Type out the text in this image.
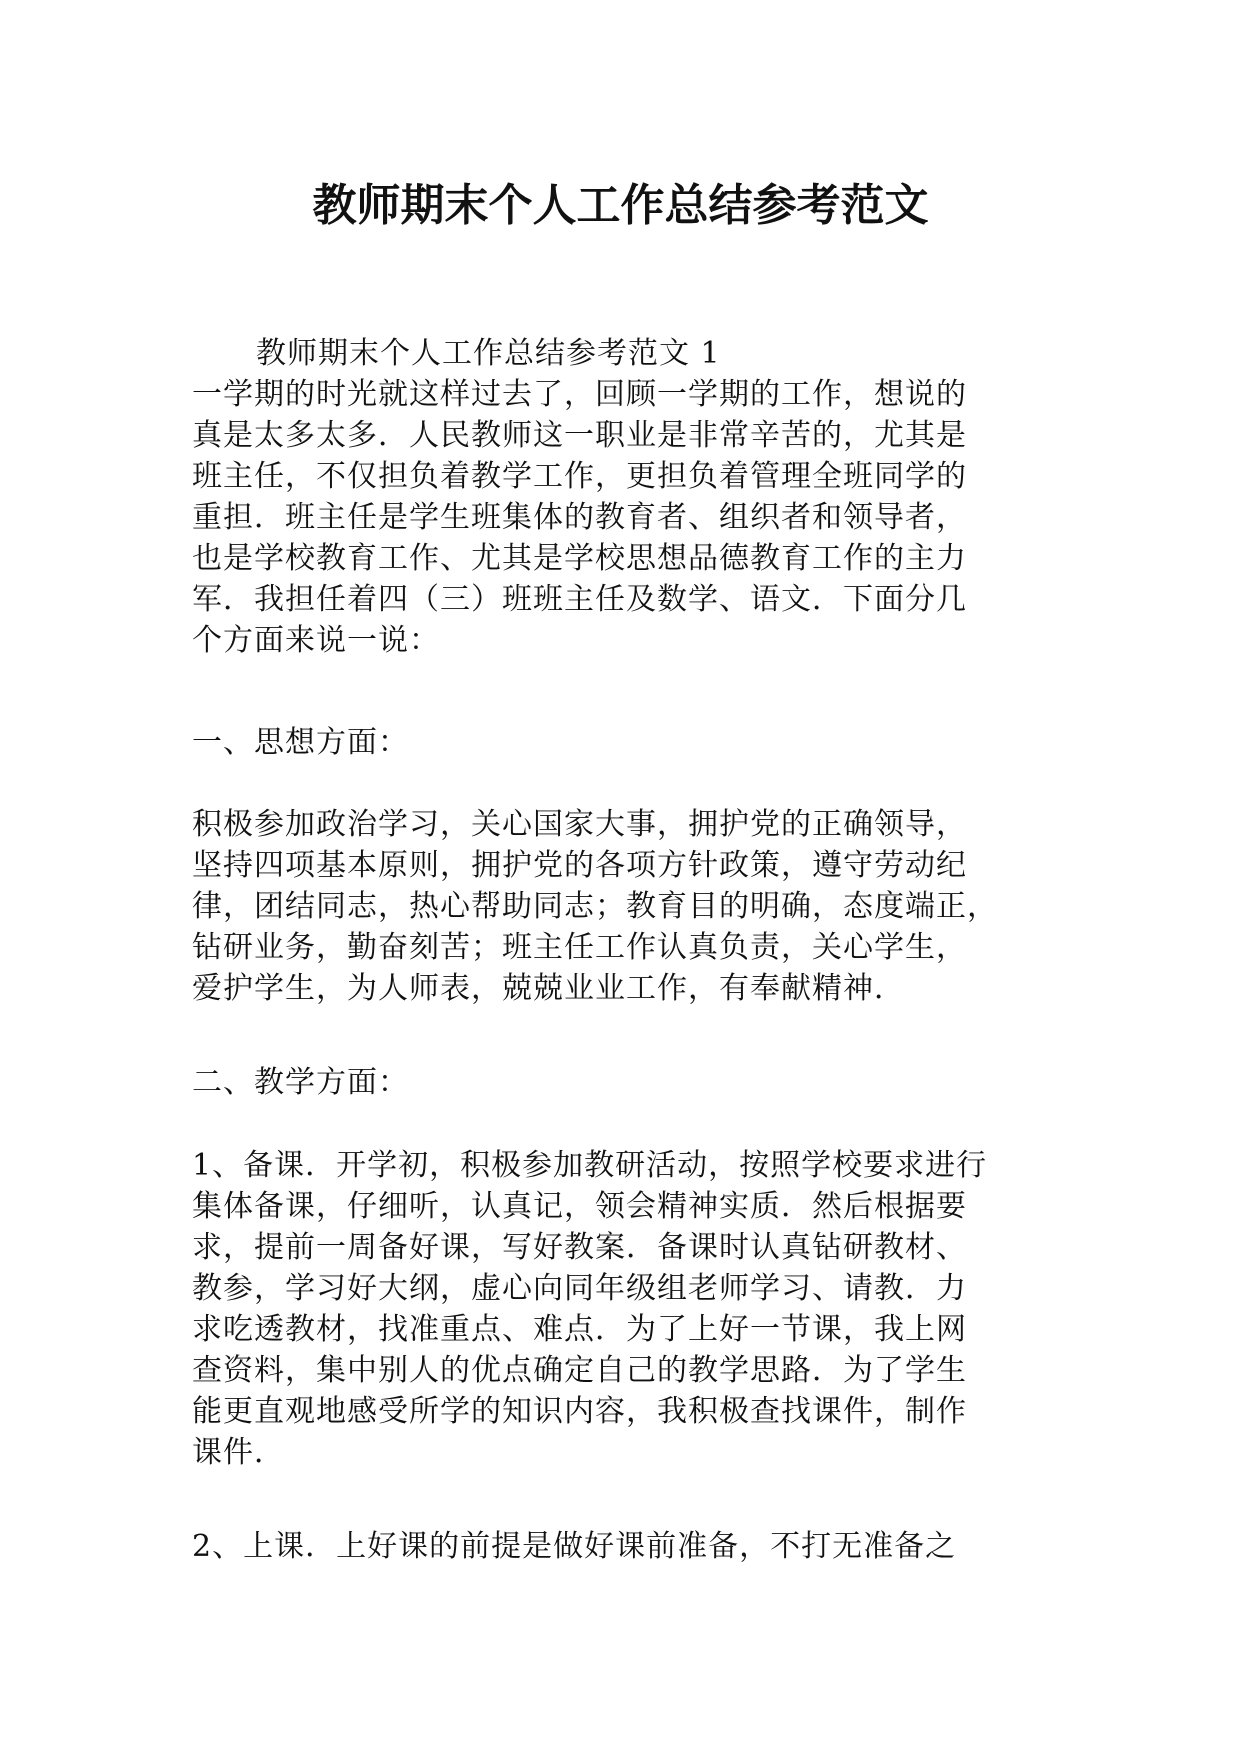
教师期末个人工作总结参考范文
教师期末个人工作总结参考范文 1
一学期的时光就这样过去了，回顾一学期的工作，想说的
真是太多太多．人民教师这一职业是非常辛苦的，尤其是
班主任，不仅担负着教学工作，更担负着管理全班同学的
重担．班主任是学生班集体的教育者、组织者和领导者，
也是学校教育工作、尤其是学校思想品德教育工作的主力
军．我担任着四（三）班班主任及数学、语文．下面分几
个方面来说一说：
一、思想方面：
积极参加政治学习，关心国家大事，拥护党的正确领导，
坚持四项基本原则，拥护党的各项方针政策，遵守劳动纪
律，团结同志，热心帮助同志；教育目的明确，态度端正，
钻研业务，勤奋刻苦；班主任工作认真负责，关心学生，
爱护学生，为人师表，兢兢业业工作，有奉献精神．
二、教学方面：
1、备课．开学初，积极参加教研活动，按照学校要求进行
集体备课，仔细听，认真记，领会精神实质．然后根据要
求，提前一周备好课，写好教案．备课时认真钻研教材、
教参，学习好大纲，虚心向同年级组老师学习、请教．力
求吃透教材，找准重点、难点．为了上好一节课，我上网
查资料，集中别人的优点确定自己的教学思路．为了学生
能更直观地感受所学的知识内容，我积极查找课件，制作
课件．
2、上课．上好课的前提是做好课前准备，不打无准备之
